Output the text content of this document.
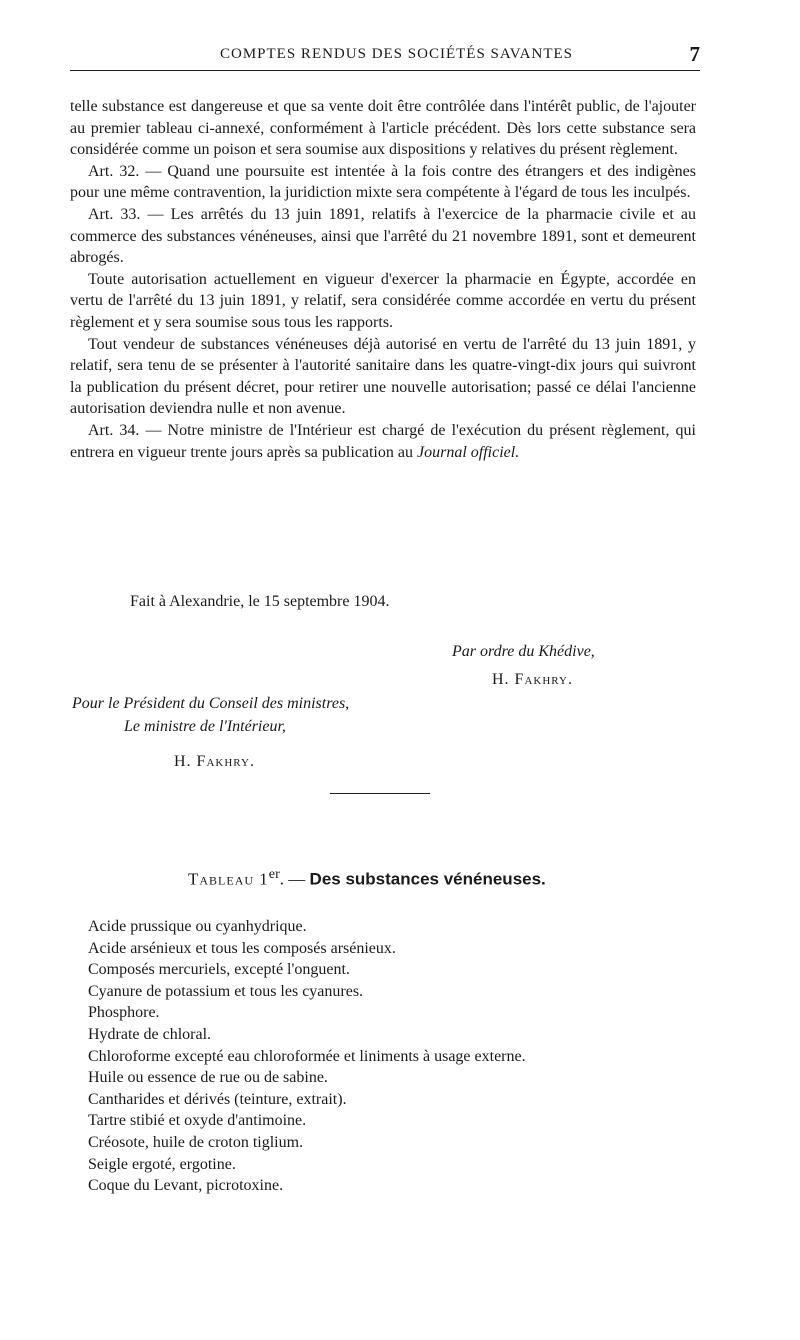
COMPTES RENDUS DES SOCIÉTÉS SAVANTES	7

telle substance est dangereuse et que sa vente doit être contrôlée dans l'intérêt public, de l'ajouter au premier tableau ci-annexé, conformément à l'article précédent. Dès lors cette substance sera considérée comme un poison et sera soumise aux dispositions y relatives du présent règlement.

Art. 32. — Quand une poursuite est intentée à la fois contre des étrangers et des indigènes pour une même contravention, la juridiction mixte sera compétente à l'égard de tous les inculpés.

Art. 33. — Les arrêtés du 13 juin 1891, relatifs à l'exercice de la pharmacie civile et au commerce des substances vénéneuses, ainsi que l'arrêté du 21 novembre 1891, sont et demeurent abrogés.

Toute autorisation actuellement en vigueur d'exercer la pharmacie en Égypte, accordée en vertu de l'arrêté du 13 juin 1891, y relatif, sera considérée comme accordée en vertu du présent règlement et y sera soumise sous tous les rapports.

Tout vendeur de substances vénéneuses déjà autorisé en vertu de l'arrêté du 13 juin 1891, y relatif, sera tenu de se présenter à l'autorité sanitaire dans les quatre-vingt-dix jours qui suivront la publication du présent décret, pour retirer une nouvelle autorisation; passé ce délai l'ancienne autorisation deviendra nulle et non avenue.

Art. 34. — Notre ministre de l'Intérieur est chargé de l'exécution du présent règlement, qui entrera en vigueur trente jours après sa publication au Journal officiel.

Fait à Alexandrie, le 15 septembre 1904.
Par ordre du Khédive,
H. Fakhry.
Pour le Président du Conseil des ministres,
Le ministre de l'Intérieur,
H. Fakhry.
Tableau 1er. — Des substances vénéneuses.
Acide prussique ou cyanhydrique.
Acide arsénieux et tous les composés arsénieux.
Composés mercuriels, excepté l'onguent.
Cyanure de potassium et tous les cyanures.
Phosphore.
Hydrate de chloral.
Chloroforme excepté eau chloroformée et liniments à usage externe.
Huile ou essence de rue ou de sabine.
Cantharides et dérivés (teinture, extrait).
Tartre stibié et oxyde d'antimoine.
Créosote, huile de croton tiglium.
Seigle ergoté, ergotine.
Coque du Levant, picrotoxine.
